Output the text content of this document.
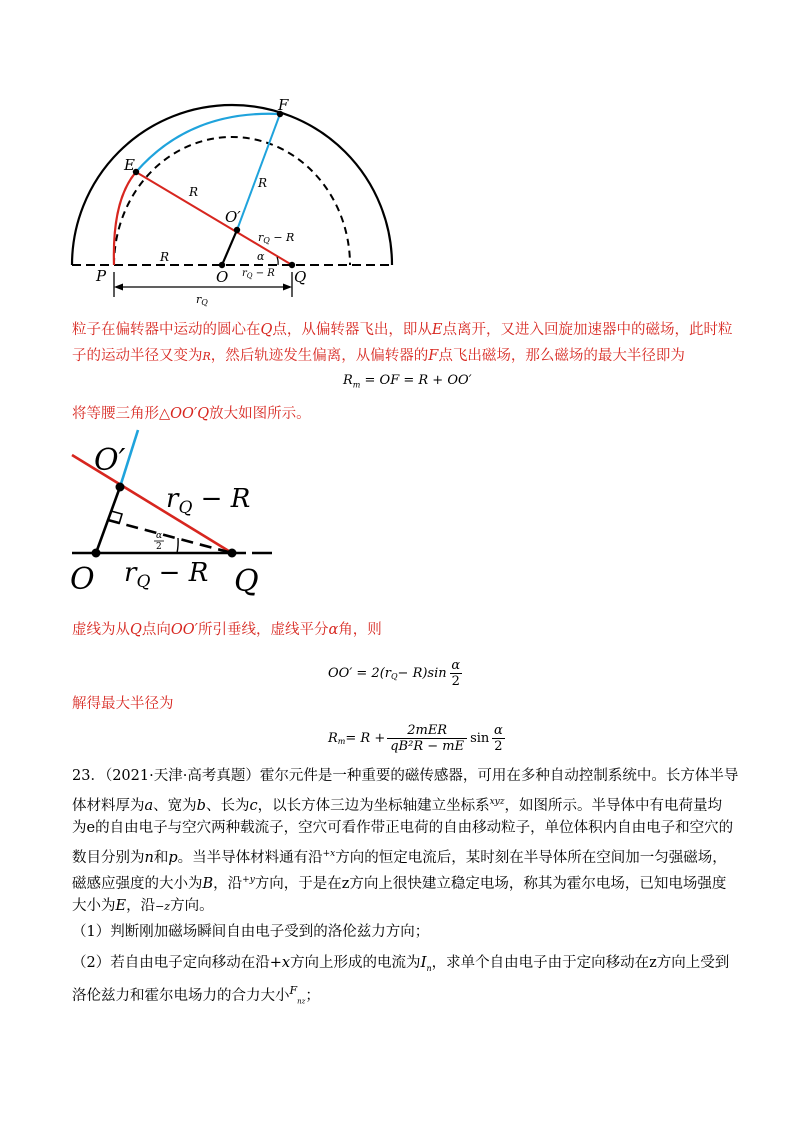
F
E
R
R
O′
rQ − R
α
R
$r_Q - R$
P	O	Q
rQ
粒子在偏转器中运动的圆心在Q点，从偏转器飞出，即从E点离开，又进入回旋加速器中的磁场，此时粒
子的运动半径又变为R，然后轨迹发生偏离，从偏转器的F点飞出磁场，那么磁场的最大半径即为
$R_m$ = OF = R + OO′
将等腰三角形△OO′Q放大如图所示。
O′
$r_Q - R$
α
2
O $r_Q - R$ Q
虚线为从Q点向OO′所引垂线，虚线平分α角，则
$OO' = 2(r_Q - R)\sin$
α
2
解得最大半径为
$R_m = R$ +
2mER
qB²R − mE
sin
α
2
23．（2021·天津·高考真题）霍尔元件是一种重要的磁传感器，可用在多种自动控制系统中。长方体半导
体材料厚为a、宽为b、长为c，以长方体三边为坐标轴建立坐标系$^{xyz}$，如图所示。半导体中有电荷量均
为e的自由电子与空穴两种载流子，空穴可看作带正电荷的自由移动粒子，单位体积内自由电子和空穴的
数目分别为n和p。当半导体材料通有沿$^{+x}$方向的恒定电流后，某时刻在半导体所在空间加一匀强磁场，
磁感应强度的大小为B，沿$^{+y}$方向，于是在z方向上很快建立稳定电场，称其为霍尔电场，已知电场强度
大小为E，沿−z方向。
（1）判断刚加磁场瞬间自由电子受到的洛伦兹力方向；
（2）若自由电子定向移动在沿+x方向上形成的电流为$I_n$，求单个自由电子由于定向移动在z方向上受到
洛伦兹力和霍尔电场力的合力大小$^F_{nz}$；
